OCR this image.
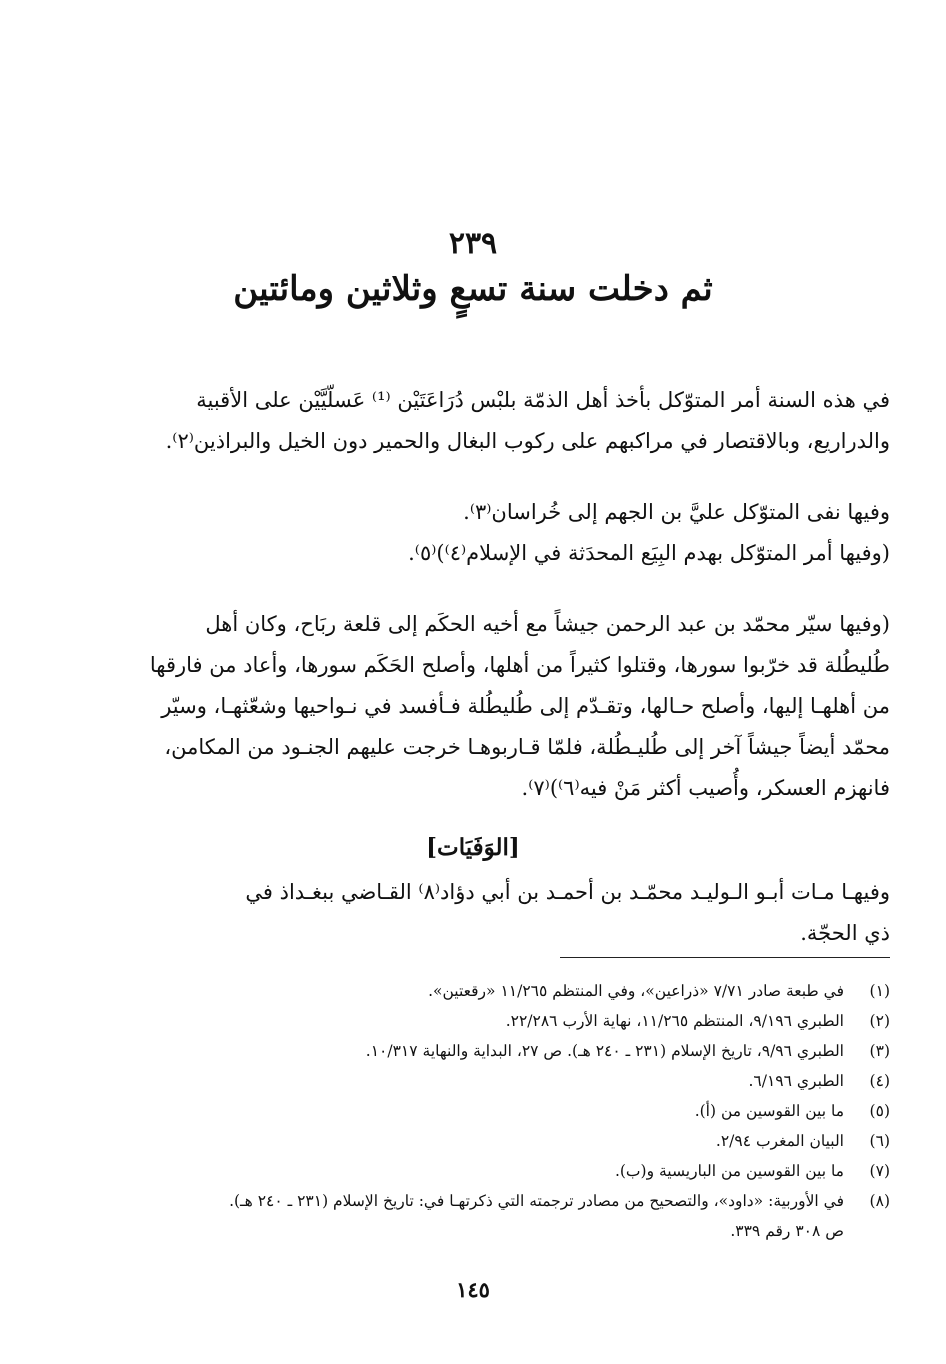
٢٣٩
ثم دخلت سنة تسعٍ وثلاثين ومائتين
في هذه السنة أمر المتوّكل بأخذ أهل الذمّة بلبْس دُرَاعَتَيْن ⁽¹⁾ عَسلّيَّيْن على الأقبية
والدراريع، وبالاقتصار في مراكبهم على ركوب البغال والحمير دون الخيل والبراذين⁽٢⁾.
وفيها نفى المتوّكل عليَّ بن الجهم إلى خُراسان⁽٣⁾.
(وفيها أمر المتوّكل بهدم البِيَع المحدَثة في الإسلام⁽٤⁾)⁽٥⁾.
(وفيها سيّر محمّد بن عبد الرحمن جيشاً مع أخيه الحكَم إلى قلعة ربَاح، وكان أهل
طُليطُلة قد خرّبوا سورها، وقتلوا كثيراً من أهلها، وأصلح الحَكَم سورها، وأعاد من فارقها
من أهلهـا إليها، وأصلح حـالها، وتقـدّم إلى طُليطُلة فـأفسد في نـواحيها وشعّثهـا، وسيّر
محمّد أيضاً جيشاً آخر إلى طُليـطُلة، فلمّا قـاربوهـا خرجت عليهم الجنـود من المكامن،
فانهزم العسكر، وأُصيب أكثر مَنْ فيه⁽٦⁾)⁽٧⁾.
[الوَفَيَات]
وفيهـا مـات أبـو الـوليـد محمّـد بن أحمـد بن أبي دؤاد⁽٨⁾ القـاضي ببغـداذ في
ذي الحجّة.
(١)
في طبعة صادر ٧/٧١ «ذراعين»، وفي المنتظم ١١/٢٦٥ «رقعتين».
(٢)
الطبري ٩/١٩٦، المنتظم ١١/٢٦٥، نهاية الأرب ٢٢/٢٨٦.
(٣)
الطبري ٩/٩٦، تاريخ الإسلام (٢٣١ ـ ٢٤٠ هـ). ص ٢٧، البداية والنهاية ١٠/٣١٧.
(٤)
الطبري ٦/١٩٦.
(٥)
ما بين القوسين من (أ).
(٦)
البيان المغرب ٢/٩٤.
(٧)
ما بين القوسين من الباريسية و(ب).
(٨)
في الأوربية: «داود»، والتصحيح من مصادر ترجمته التي ذكرتهـا في: تاريخ الإسلام (٢٣١ ـ ٢٤٠ هـ).
ص ٣٠٨ رقم ٣٣٩.
١٤٥
